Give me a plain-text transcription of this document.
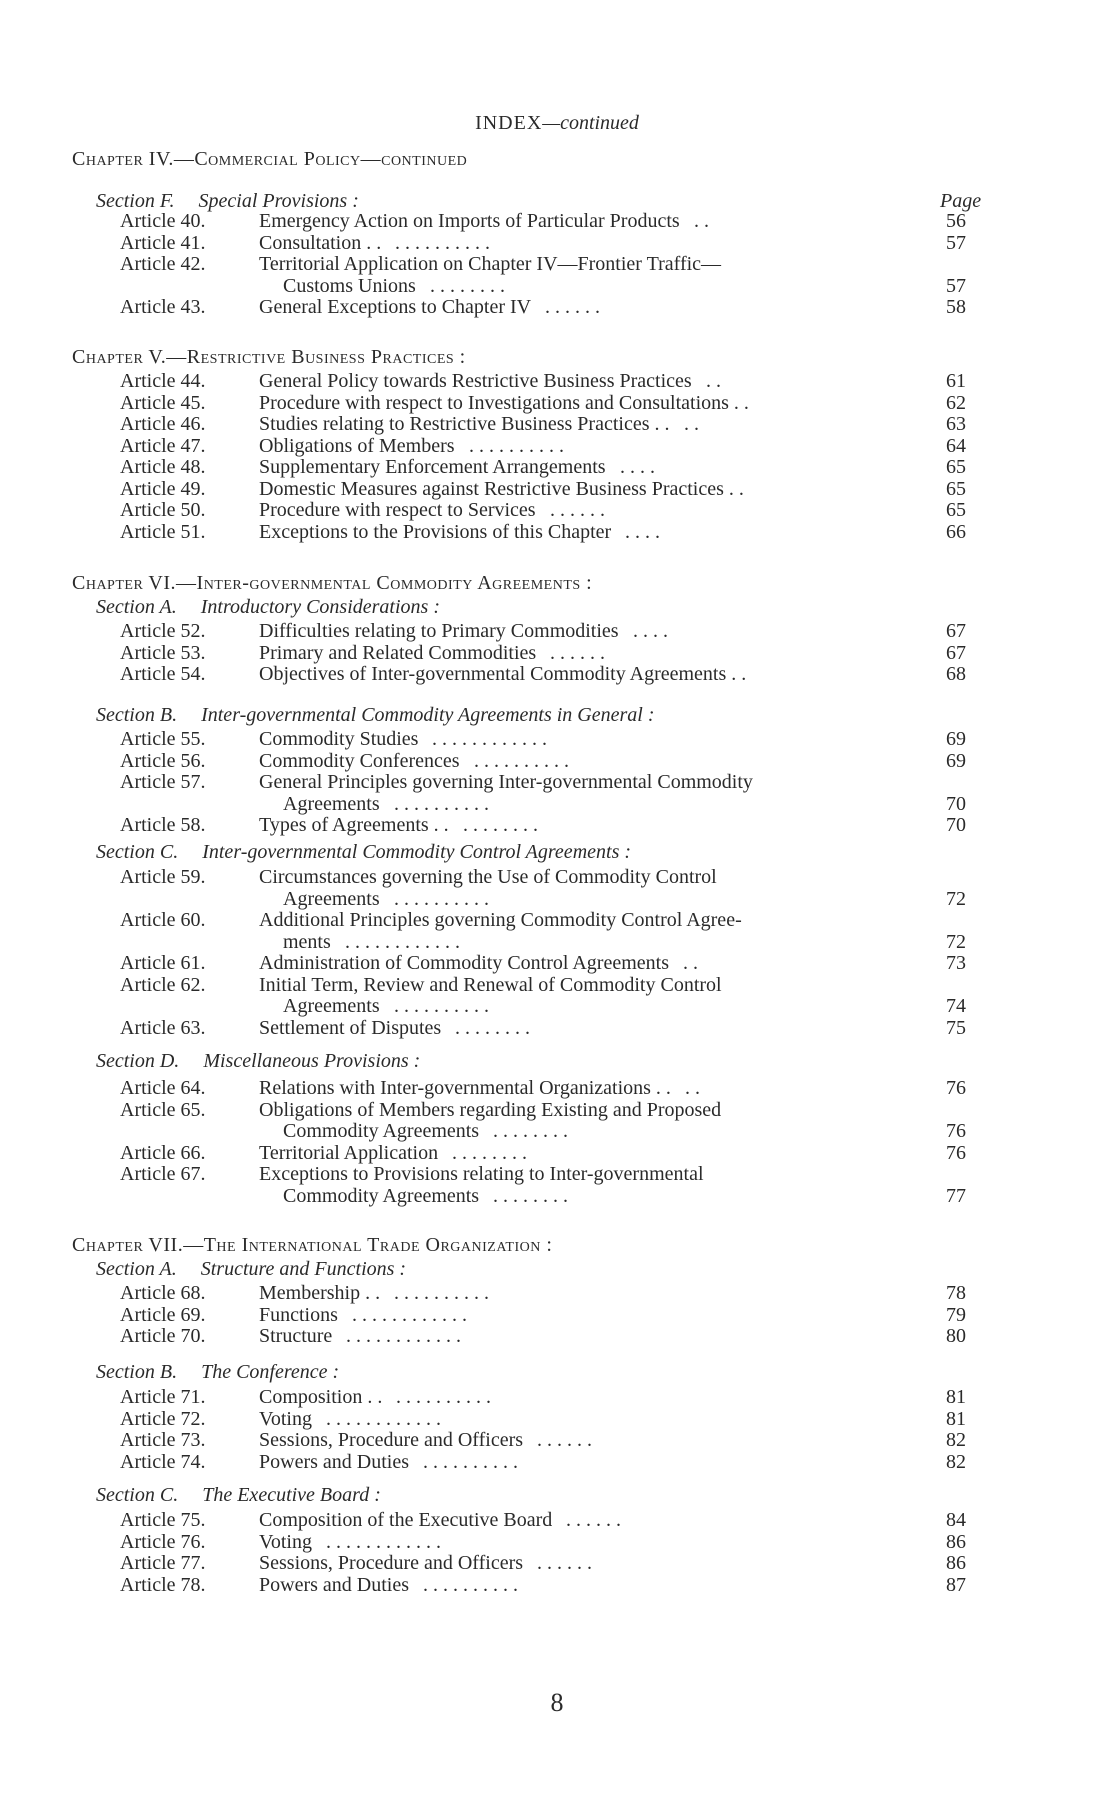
INDEX—continued
Chapter IV.—Commercial Policy—continued
Section F. Special Provisions :	Page
Article 40.	Emergency Action on Imports of Particular Products . .	56
Article 41.	Consultation . . . . . . . . . . . .	57
Article 42.	Territorial Application on Chapter IV—Frontier Traffic—
Customs Unions . . . . . . . .	57
Article 43.	General Exceptions to Chapter IV . . . . . .	58
Chapter V.—Restrictive Business Practices :
Article 44.	General Policy towards Restrictive Business Practices . .	61
Article 45.	Procedure with respect to Investigations and Consultations . .	62
Article 46.	Studies relating to Restrictive Business Practices . . . .	63
Article 47.	Obligations of Members . . . . . . . . . .	64
Article 48.	Supplementary Enforcement Arrangements . . . .	65
Article 49.	Domestic Measures against Restrictive Business Practices . .	65
Article 50.	Procedure with respect to Services . . . . . .	65
Article 51.	Exceptions to the Provisions of this Chapter . . . .	66
Chapter VI.—Inter-governmental Commodity Agreements :
Section A. Introductory Considerations :
Article 52.	Difficulties relating to Primary Commodities . . . .	67
Article 53.	Primary and Related Commodities . . . . . .	67
Article 54.	Objectives of Inter-governmental Commodity Agreements . .	68
Section B. Inter-governmental Commodity Agreements in General :
Article 55.	Commodity Studies . . . . . . . . . . . .	69
Article 56.	Commodity Conferences . . . . . . . . . .	69
Article 57.	General Principles governing Inter-governmental Commodity
Agreements . . . . . . . . . .	70
Article 58.	Types of Agreements . . . . . . . . . .	70
Section C. Inter-governmental Commodity Control Agreements :
Article 59.	Circumstances governing the Use of Commodity Control
Agreements . . . . . . . . . .	72
Article 60.	Additional Principles governing Commodity Control Agree-
ments . . . . . . . . . . . .	72
Article 61.	Administration of Commodity Control Agreements . .	73
Article 62.	Initial Term, Review and Renewal of Commodity Control
Agreements . . . . . . . . . .	74
Article 63.	Settlement of Disputes . . . . . . . .	75
Section D. Miscellaneous Provisions :
Article 64.	Relations with Inter-governmental Organizations . . . .	76
Article 65.	Obligations of Members regarding Existing and Proposed
Commodity Agreements . . . . . . . .	76
Article 66.	Territorial Application . . . . . . . .	76
Article 67.	Exceptions to Provisions relating to Inter-governmental
Commodity Agreements . . . . . . . .	77
Chapter VII.—The International Trade Organization :
Section A. Structure and Functions :
Article 68.	Membership . . . . . . . . . . . .	78
Article 69.	Functions . . . . . . . . . . . .	79
Article 70.	Structure . . . . . . . . . . . .	80
Section B. The Conference :
Article 71.	Composition . . . . . . . . . . . .	81
Article 72.	Voting . . . . . . . . . . . .	81
Article 73.	Sessions, Procedure and Officers . . . . . .	82
Article 74.	Powers and Duties . . . . . . . . . .	82
Section C. The Executive Board :
Article 75.	Composition of the Executive Board . . . . . .	84
Article 76.	Voting . . . . . . . . . . . .	86
Article 77.	Sessions, Procedure and Officers . . . . . .	86
Article 78.	Powers and Duties . . . . . . . . . .	87
8
